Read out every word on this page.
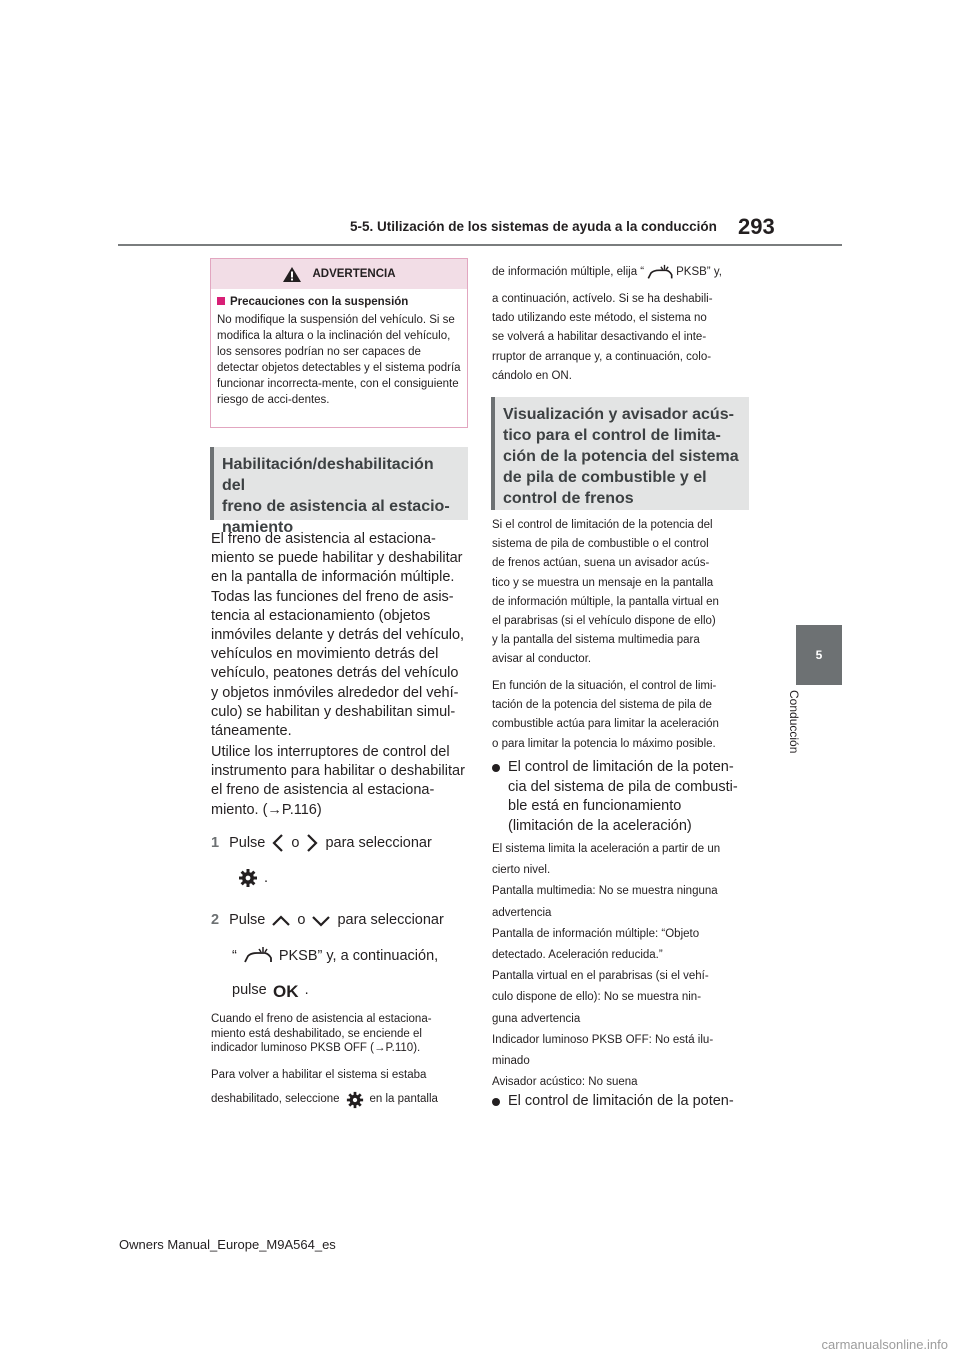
5-5. Utilización de los sistemas de ayuda a la conducción 293
5
Conducción
ADVERTENCIA
Precauciones con la suspensión
No modifique la suspensión del vehículo. Si se modifica la altura o la inclinación del vehículo, los sensores podrían no ser capaces de detectar objetos detectables y el sistema podría funcionar incorrecta-mente, con el consiguiente riesgo de acci-dentes.
Habilitación/deshabilitación del
freno de asistencia al estacio-
namiento
El freno de asistencia al estaciona-
miento se puede habilitar y deshabilitar
en la pantalla de información múltiple.
Todas las funciones del freno de asis-
tencia al estacionamiento (objetos
inmóviles delante y detrás del vehículo,
vehículos en movimiento detrás del
vehículo, peatones detrás del vehículo
y objetos inmóviles alrededor del vehí-
culo) se habilitan y deshabilitan simul-
táneamente.
Utilice los interruptores de control del
instrumento para habilitar o deshabilitar
el freno de asistencia al estaciona-
miento. (→P.116)
1 Pulse o para seleccionar
.
2 Pulse o para seleccionar
“	PKSB” y, a continuación,
pulse OK .
Cuando el freno de asistencia al estaciona-
miento está deshabilitado, se enciende el
indicador luminoso PKSB OFF (→P.110).
Para volver a habilitar el sistema si estaba
deshabilitado, seleccione	en la pantalla
de información múltiple, elija “	PKSB” y,
a continuación, actívelo. Si se ha deshabili-
tado utilizando este método, el sistema no
se volverá a habilitar desactivando el inte-
rruptor de arranque y, a continuación, colo-
cándolo en ON.
Visualización y avisador acús-
tico para el control de limita-
ción de la potencia del sistema
de pila de combustible y el
control de frenos
Si el control de limitación de la potencia del
sistema de pila de combustible o el control
de frenos actúan, suena un avisador acús-
tico y se muestra un mensaje en la pantalla
de información múltiple, la pantalla virtual en
el parabrisas (si el vehículo dispone de ello)
y la pantalla del sistema multimedia para
avisar al conductor.
En función de la situación, el control de limi-
tación de la potencia del sistema de pila de
combustible actúa para limitar la aceleración
o para limitar la potencia lo máximo posible.
El control de limitación de la poten-
cia del sistema de pila de combusti-
ble está en funcionamiento
(limitación de la aceleración)
El sistema limita la aceleración a partir de un
cierto nivel.
Pantalla multimedia: No se muestra ninguna
advertencia
Pantalla de información múltiple: “Objeto
detectado. Aceleración reducida.”
Pantalla virtual en el parabrisas (si el vehí-
culo dispone de ello): No se muestra nin-
guna advertencia
Indicador luminoso PKSB OFF: No está ilu-
minado
Avisador acústico: No suena
El control de limitación de la poten-
Owners Manual_Europe_M9A564_es
carmanualsonline.info
